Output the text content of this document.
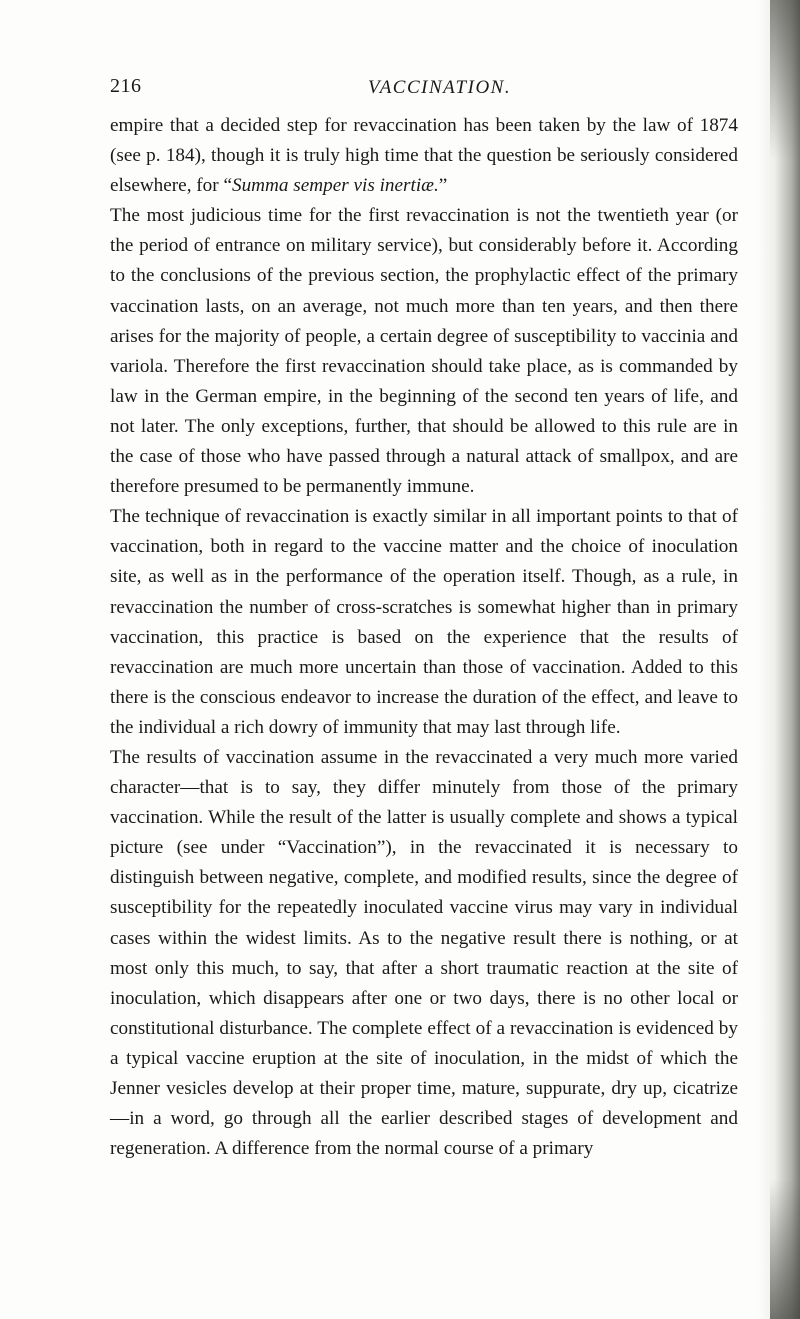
216	VACCINATION.

empire that a decided step for revaccination has been taken by the law of 1874 (see p. 184), though it is truly high time that the question be seriously considered elsewhere, for “Summa semper vis inertiæ.”

The most judicious time for the first revaccination is not the twentieth year (or the period of entrance on military service), but considerably before it. According to the conclusions of the previous section, the prophylactic effect of the primary vaccination lasts, on an average, not much more than ten years, and then there arises for the majority of people, a certain degree of susceptibility to vaccinia and variola. Therefore the first revaccination should take place, as is commanded by law in the German empire, in the beginning of the second ten years of life, and not later. The only exceptions, further, that should be allowed to this rule are in the case of those who have passed through a natural attack of smallpox, and are therefore presumed to be permanently immune.

The technique of revaccination is exactly similar in all important points to that of vaccination, both in regard to the vaccine matter and the choice of inoculation site, as well as in the performance of the operation itself. Though, as a rule, in revaccination the number of cross-scratches is somewhat higher than in primary vaccination, this practice is based on the experience that the results of revaccination are much more uncertain than those of vaccination. Added to this there is the conscious endeavor to increase the duration of the effect, and leave to the individual a rich dowry of immunity that may last through life.

The results of vaccination assume in the revaccinated a very much more varied character—that is to say, they differ minutely from those of the primary vaccination. While the result of the latter is usually complete and shows a typical picture (see under “Vaccination”), in the revaccinated it is necessary to distinguish between negative, complete, and modified results, since the degree of susceptibility for the repeatedly inoculated vaccine virus may vary in individual cases within the widest limits. As to the negative result there is nothing, or at most only this much, to say, that after a short traumatic reaction at the site of inoculation, which disappears after one or two days, there is no other local or constitutional disturbance. The complete effect of a revaccination is evidenced by a typical vaccine eruption at the site of inoculation, in the midst of which the Jenner vesicles develop at their proper time, mature, suppurate, dry up, cicatrize—in a word, go through all the earlier described stages of development and regeneration. A difference from the normal course of a primary
